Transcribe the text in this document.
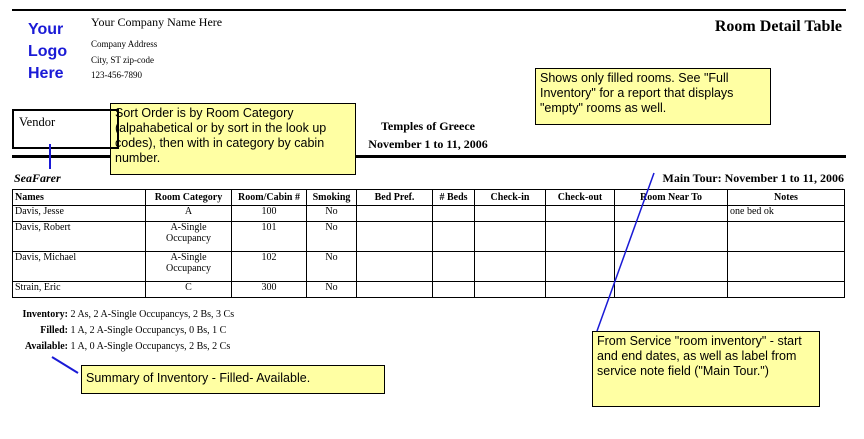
Your
Logo
Here
Your Company Name Here
Company Address
City, ST zip-code
123-456-7890
Room Detail Table
Shows only filled rooms. See "Full Inventory" for a report that displays "empty" rooms as well.
Sort Order is by Room Category (alpahabetical or by sort in the look up codes), then with in category by cabin number.
Summary of Inventory - Filled- Available.
From Service "room inventory" - start and end dates, as well as label from service note field ("Main Tour.")
Vendor	Temples of Greece
November 1 to 11, 2006
SeaFarer	Main Tour: November 1 to 11, 2006
Names	Room Category	Room/Cabin #	Smoking	Bed Pref.	# Beds	Check-in	Check-out	Room Near To	Notes
Davis, Jesse	A	100	No						one bed ok
Davis, Robert	A-Single Occupancy	101	No						
Davis, Michael	A-Single Occupancy	102	No						
Strain, Eric	C	300	No						
Inventory: 2 As, 2 A-Single Occupancys, 2 Bs, 3 Cs
Filled: 1 A, 2 A-Single Occupancys, 0 Bs, 1 C
Available: 1 A, 0 A-Single Occupancys, 2 Bs, 2 Cs
